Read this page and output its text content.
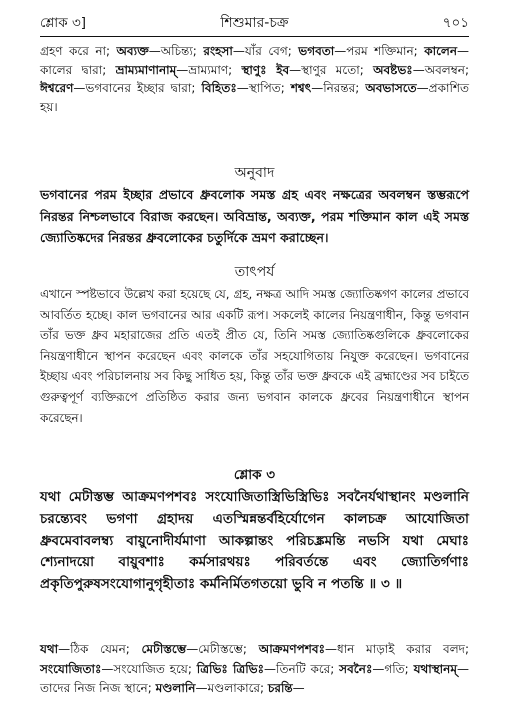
শ্লোক ৩]	শিশুমার-চক্র	৭০১

গ্রহণ করে না; অব্যক্ত—অচিন্ত্য; রংহসা—যাঁর বেগ; ভগবতা—পরম শক্তিমান; কালেন—কালের দ্বারা; ভ্রাম্যমাণানাম্—ভ্রাম্যমাণ; স্থাণুঃ ইব—স্থাণুর মতো; অবষ্টভঃ—অবলম্বন; ঈশ্বরেণ—ভগবানের ইচ্ছার দ্বারা; বিহিতঃ—স্থাপিত; শশ্বৎ—নিরন্তর; অবভাসতে—প্রকাশিত হয়।

অনুবাদ

ভগবানের পরম ইচ্ছার প্রভাবে ধ্রুবলোক সমস্ত গ্রহ এবং নক্ষত্রের অবলম্বন স্তম্ভরূপে নিরন্তর নিশ্চলভাবে বিরাজ করছেন। অবিভ্রান্ত, অব্যক্ত, পরম শক্তিমান কাল এই সমস্ত জ্যোতিষ্কদের নিরন্তর ধ্রুবলোকের চতুর্দিকে ভ্রমণ করাচ্ছেন।

তাৎপর্য

এখানে স্পষ্টভাবে উল্লেখ করা হয়েছে যে, গ্রহ, নক্ষত্র আদি সমস্ত জ্যোতিষ্কগণ কালের প্রভাবে আবর্তিত হচ্ছে। কাল ভগবানের আর একটি রূপ। সকলেই কালের নিয়ন্ত্রণাধীন, কিন্তু ভগবান তাঁর ভক্ত ধ্রুব মহারাজের প্রতি এতই প্রীত যে, তিনি সমস্ত জ্যোতিষ্কগুলিকে ধ্রুবলোকের নিয়ন্ত্রণাধীনে স্থাপন করেছেন এবং কালকে তাঁর সহযোগিতায় নিযুক্ত করেছেন। ভগবানের ইচ্ছায় এবং পরিচালনায় সব কিছু সাধিত হয়, কিন্তু তাঁর ভক্ত ধ্রুবকে এই ব্রহ্মাণ্ডের সব চাইতে গুরুত্বপূর্ণ ব্যক্তিরূপে প্রতিষ্ঠিত করার জন্য ভগবান কালকে ধ্রুবের নিয়ন্ত্রণাধীনে স্থাপন করেছেন।

শ্লোক ৩

যথা মেঢীস্তম্ভ আক্রমণপশবঃ সংযোজিতাস্ত্রিভিস্ত্রিভিঃ সবনৈর্যথাস্থানং মণ্ডলানি চরন্ত্যেবং ভগণা গ্রহাদয় এতস্মিন্নন্তর্বহির্যোগেন কালচক্র আযোজিতা ধ্রুবমেবাবলম্ব্য বায়ুনোদীর্যমাণা আকল্পান্তং পরিচঙ্ক্রমন্তি নভসি যথা মেঘাঃ শ্যেনাদয়ো বায়ুবশাঃ কর্মসারথয়ঃ পরিবর্তন্তে এবং জ্যোতির্গণাঃ প্রকৃতিপুরুষসংযোগানুগৃহীতাঃ কর্মনির্মিতগতয়ো ভুবি ন পতন্তি ॥ ৩ ॥

যথা—ঠিক যেমন; মেঢীস্তম্ভে—মেঢীস্তম্ভে; আক্রমণপশবঃ—ধান মাড়াই করার বলদ; সংযোজিতাঃ—সংযোজিত হয়ে; ত্রিভিঃ ত্রিভিঃ—তিনটি করে; সবনৈঃ—গতি; যথাস্থানম্—তাদের নিজ নিজ স্থানে; মণ্ডলানি—মণ্ডলাকারে; চরন্তি—
